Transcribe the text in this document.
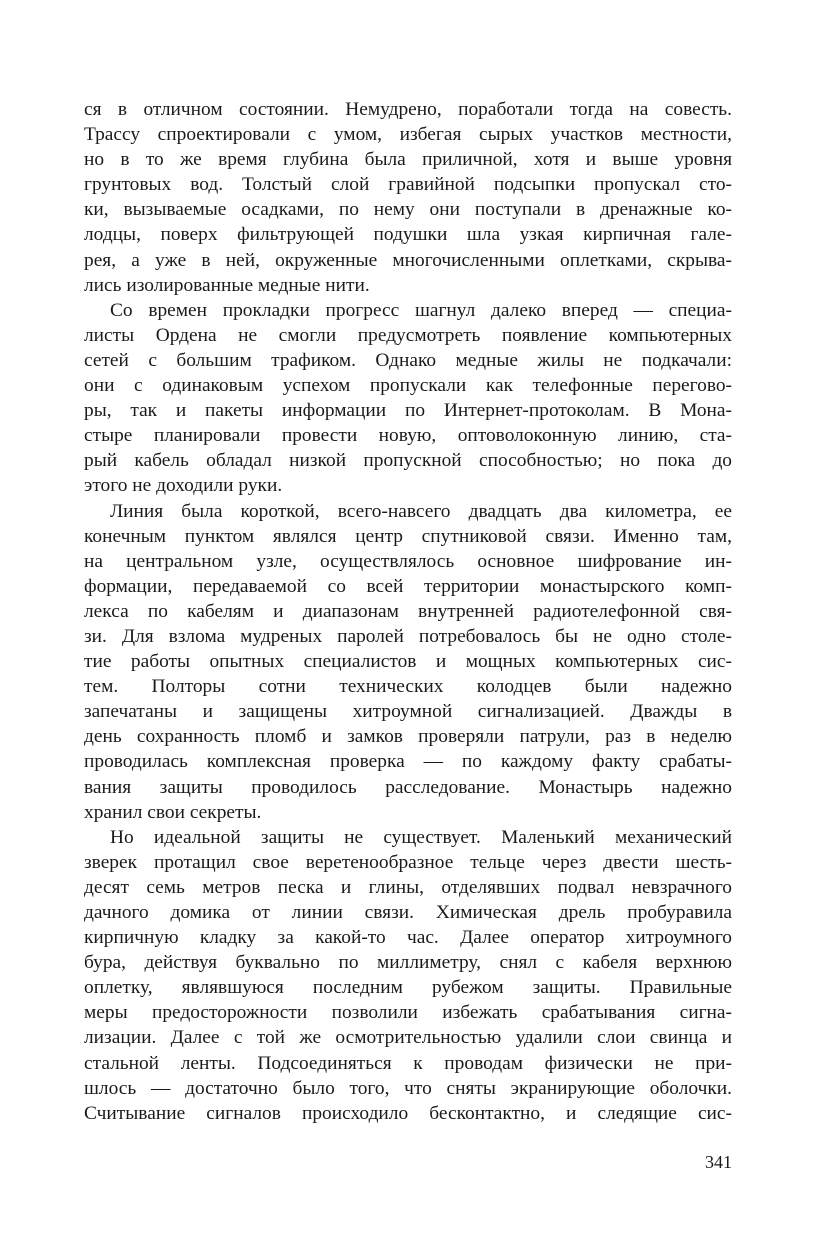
ся в отличном состоянии. Немудрено, поработали тогда на совесть.
Трассу спроектировали с умом, избегая сырых участков местности,
но в то же время глубина была приличной, хотя и выше уровня
грунтовых вод. Толстый слой гравийной подсыпки пропускал сто-
ки, вызываемые осадками, по нему они поступали в дренажные ко-
лодцы, поверх фильтрующей подушки шла узкая кирпичная гале-
рея, а уже в ней, окруженные многочисленными оплетками, скрыва-
лись изолированные медные нити.
Со времен прокладки прогресс шагнул далеко вперед — специа-
листы Ордена не смогли предусмотреть появление компьютерных
сетей с большим трафиком. Однако медные жилы не подкачали:
они с одинаковым успехом пропускали как телефонные перегово-
ры, так и пакеты информации по Интернет-протоколам. В Мона-
стыре планировали провести новую, оптоволоконную линию, ста-
рый кабель обладал низкой пропускной способностью; но пока до
этого не доходили руки.
Линия была короткой, всего-навсего двадцать два километра, ее
конечным пунктом являлся центр спутниковой связи. Именно там,
на центральном узле, осуществлялось основное шифрование ин-
формации, передаваемой со всей территории монастырского комп-
лекса по кабелям и диапазонам внутренней радиотелефонной свя-
зи. Для взлома мудреных паролей потребовалось бы не одно столе-
тие работы опытных специалистов и мощных компьютерных сис-
тем. Полторы сотни технических колодцев были надежно
запечатаны и защищены хитроумной сигнализацией. Дважды в
день сохранность пломб и замков проверяли патрули, раз в неделю
проводилась комплексная проверка — по каждому факту срабаты-
вания защиты проводилось расследование. Монастырь надежно
хранил свои секреты.
Но идеальной защиты не существует. Маленький механический
зверек протащил свое веретенообразное тельце через двести шесть-
десят семь метров песка и глины, отделявших подвал невзрачного
дачного домика от линии связи. Химическая дрель пробуравила
кирпичную кладку за какой-то час. Далее оператор хитроумного
бура, действуя буквально по миллиметру, снял с кабеля верхнюю
оплетку, являвшуюся последним рубежом защиты. Правильные
меры предосторожности позволили избежать срабатывания сигна-
лизации. Далее с той же осмотрительностью удалили слои свинца и
стальной ленты. Подсоединяться к проводам физически не при-
шлось — достаточно было того, что сняты экранирующие оболочки.
Считывание сигналов происходило бесконтактно, и следящие сис-
341
